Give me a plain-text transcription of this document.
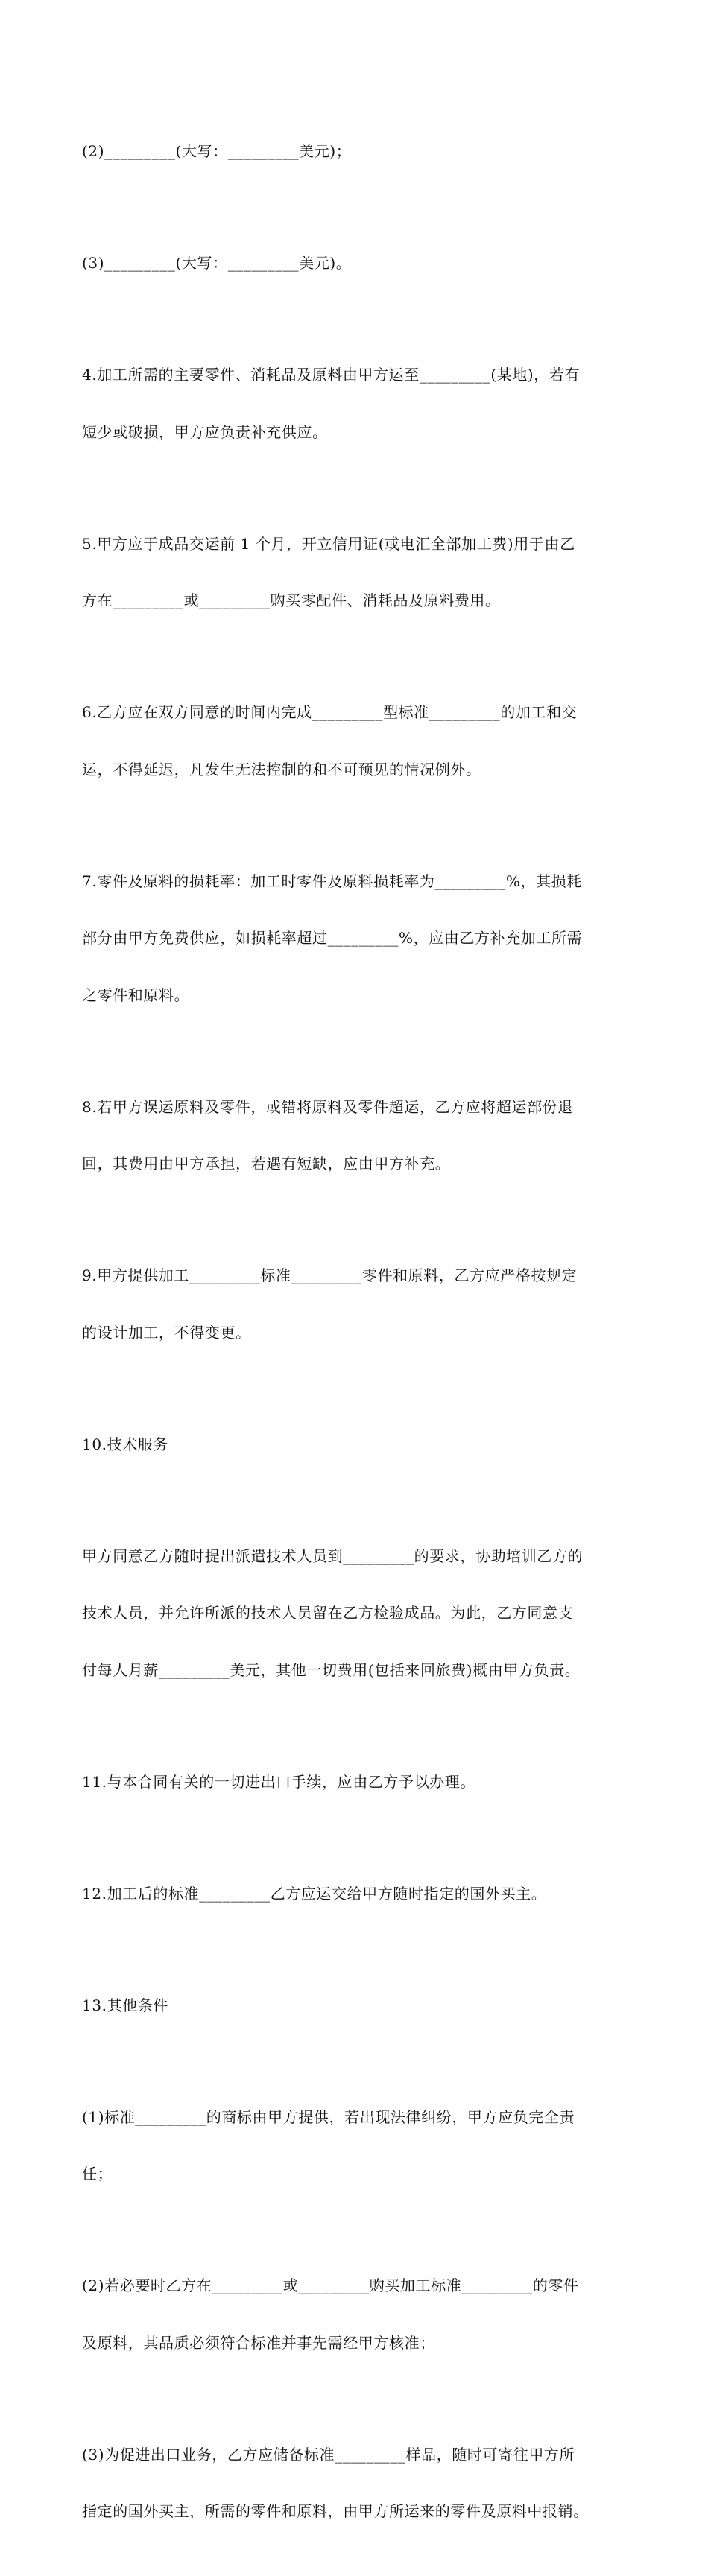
(2)_________(大写：_________美元)；

(3)_________(大写：_________美元)。

4.加工所需的主要零件、消耗品及原料由甲方运至_________(某地)，若有

短少或破损，甲方应负责补充供应。

5.甲方应于成品交运前 1 个月，开立信用证(或电汇全部加工费)用于由乙

方在_________或_________购买零配件、消耗品及原料费用。

6.乙方应在双方同意的时间内完成_________型标准_________的加工和交

运，不得延迟，凡发生无法控制的和不可预见的情况例外。

7.零件及原料的损耗率：加工时零件及原料损耗率为_________%，其损耗

部分由甲方免费供应，如损耗率超过_________%，应由乙方补充加工所需

之零件和原料。

8.若甲方误运原料及零件，或错将原料及零件超运，乙方应将超运部份退

回，其费用由甲方承担，若遇有短缺，应由甲方补充。

9.甲方提供加工_________标准_________零件和原料，乙方应严格按规定

的设计加工，不得变更。

10.技术服务

甲方同意乙方随时提出派遣技术人员到_________的要求，协助培训乙方的

技术人员，并允许所派的技术人员留在乙方检验成品。为此，乙方同意支

付每人月薪_________美元，其他一切费用(包括来回旅费)概由甲方负责。

11.与本合同有关的一切进出口手续，应由乙方予以办理。

12.加工后的标准_________乙方应运交给甲方随时指定的国外买主。

13.其他条件

(1)标准_________的商标由甲方提供，若出现法律纠纷，甲方应负完全责

任；

(2)若必要时乙方在_________或_________购买加工标准_________的零件

及原料，其品质必须符合标准并事先需经甲方核准；

(3)为促进出口业务，乙方应储备标准_________样品，随时可寄往甲方所

指定的国外买主，所需的零件和原料，由甲方所运来的零件及原料中报销。
